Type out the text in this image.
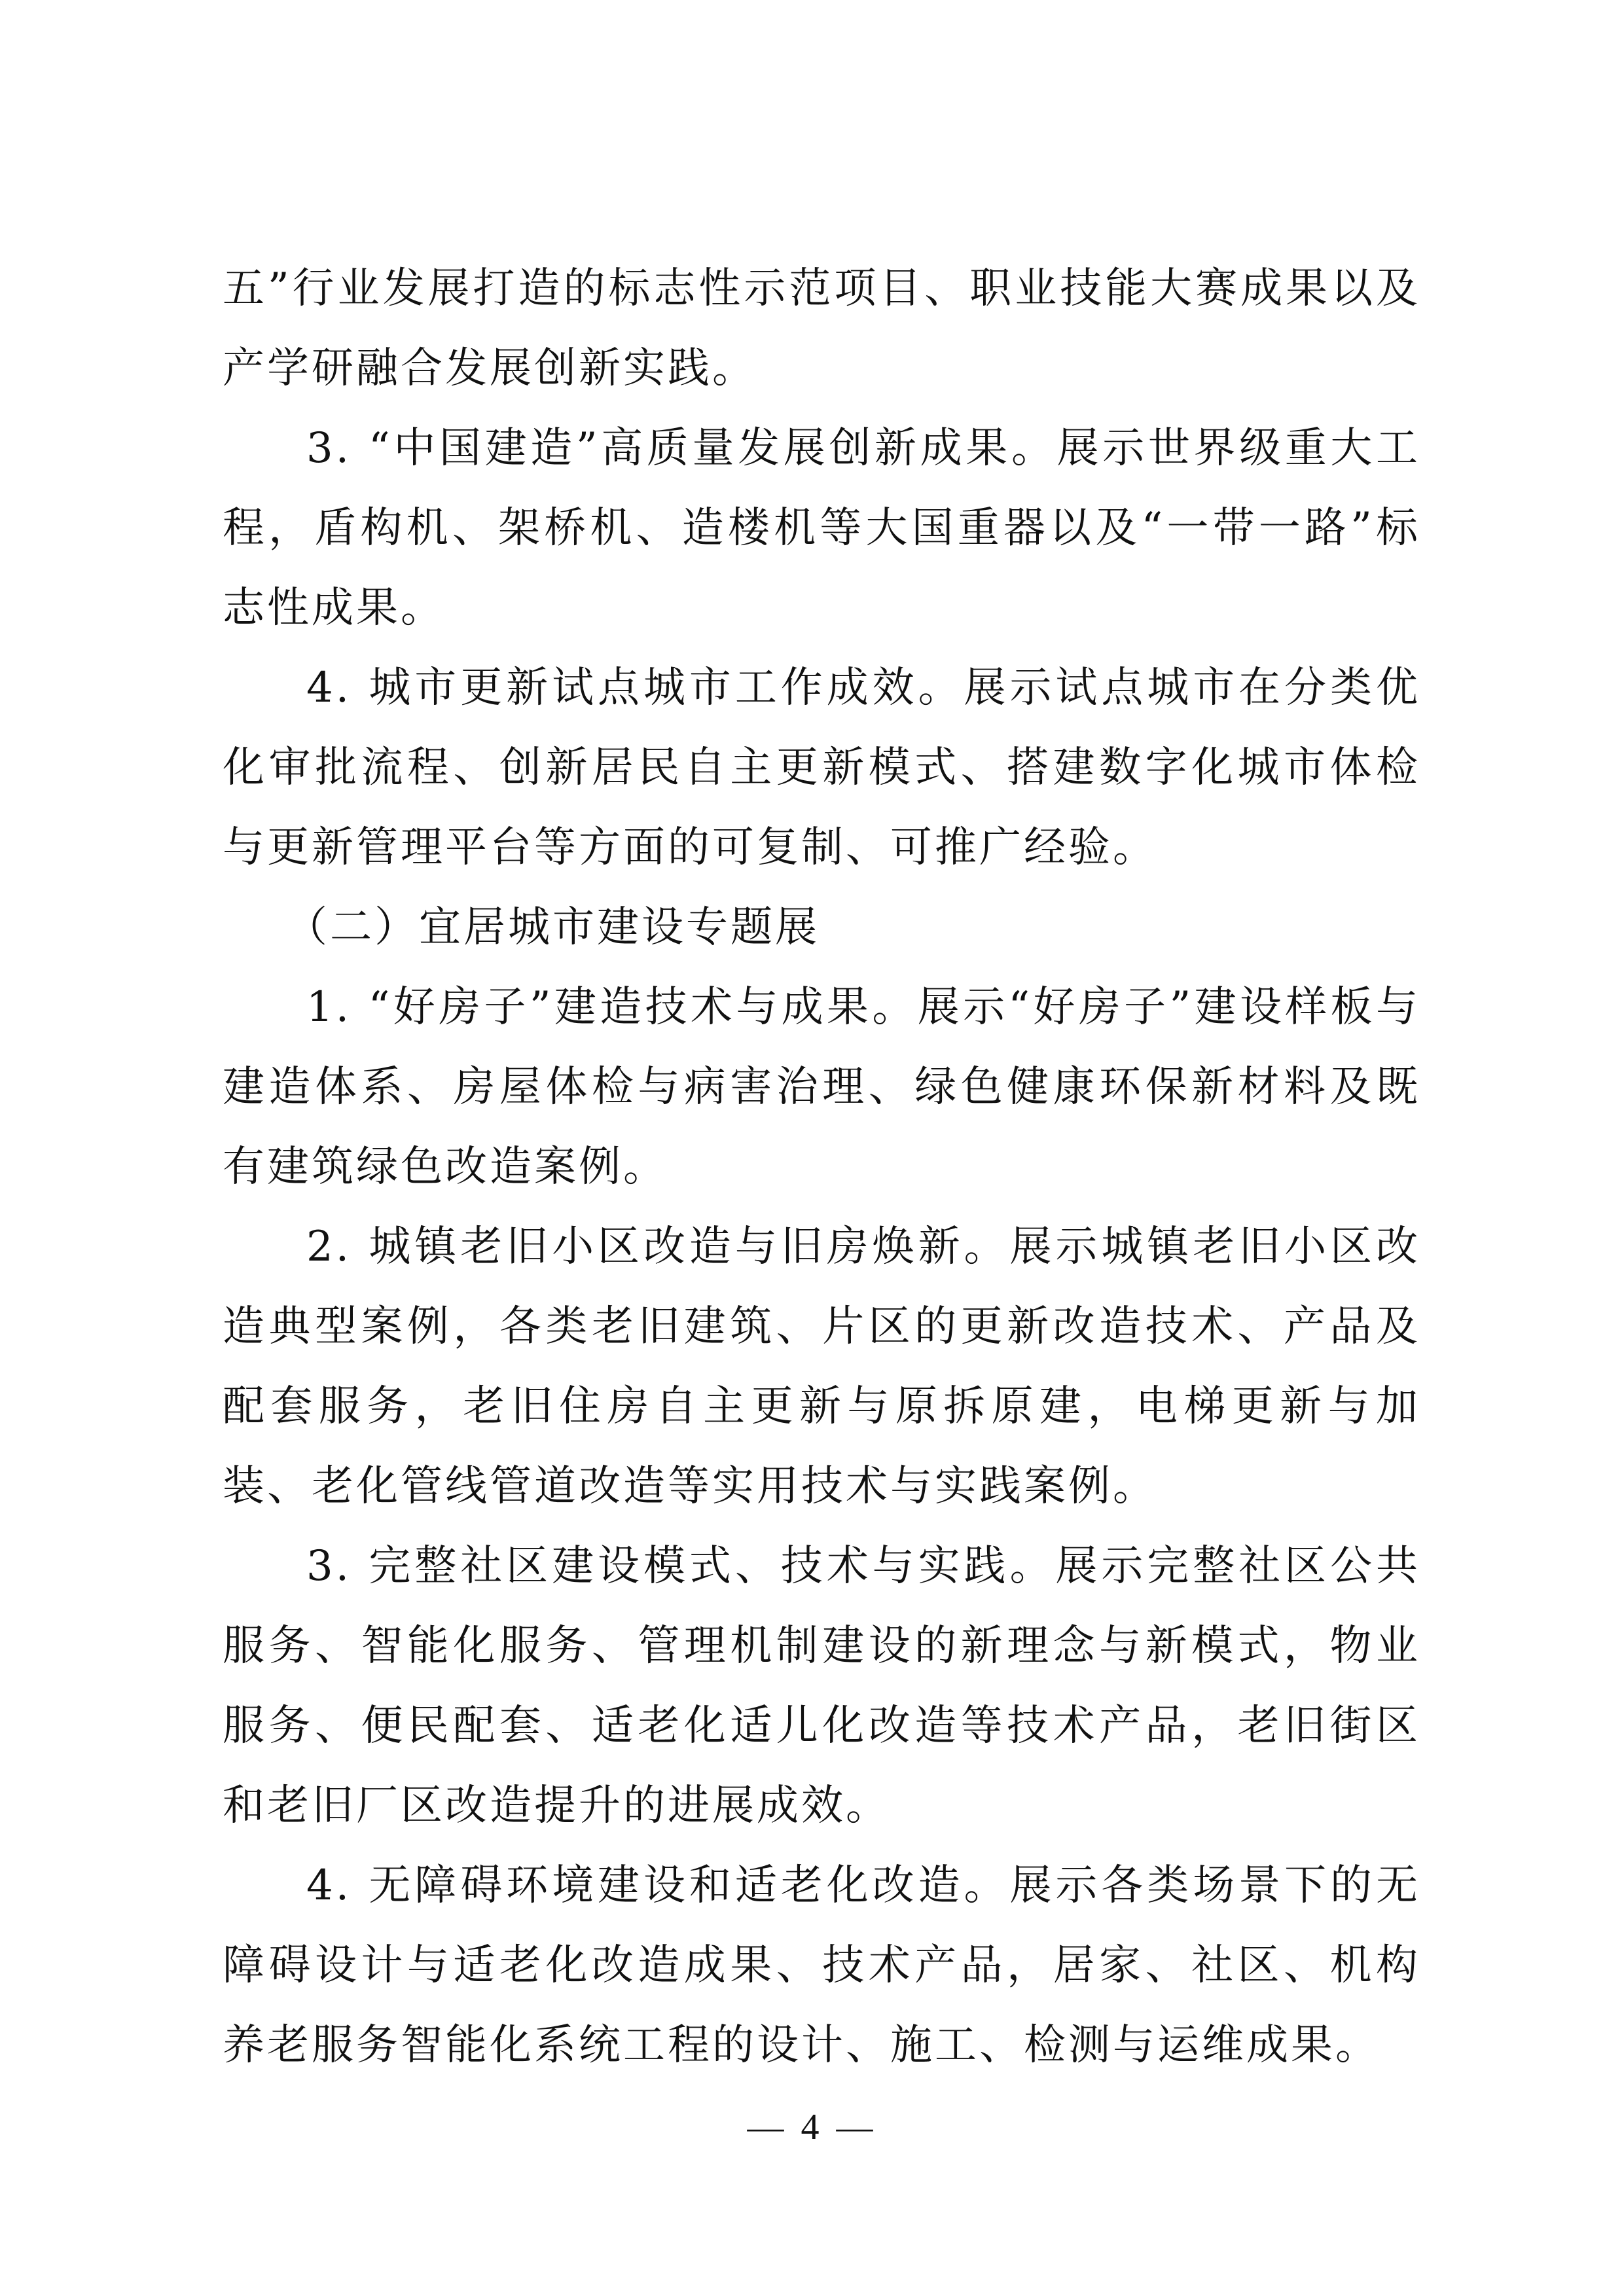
五”行业发展打造的标志性示范项目、职业技能大赛成果以及产学研融合发展创新实践。

3. “中国建造”高质量发展创新成果。展示世界级重大工程，盾构机、架桥机、造楼机等大国重器以及“一带一路”标志性成果。

4. 城市更新试点城市工作成效。展示试点城市在分类优化审批流程、创新居民自主更新模式、搭建数字化城市体检与更新管理平台等方面的可复制、可推广经验。

（二）宜居城市建设专题展

1. “好房子”建造技术与成果。展示“好房子”建设样板与建造体系、房屋体检与病害治理、绿色健康环保新材料及既有建筑绿色改造案例。

2. 城镇老旧小区改造与旧房焕新。展示城镇老旧小区改造典型案例，各类老旧建筑、片区的更新改造技术、产品及配套服务，老旧住房自主更新与原拆原建，电梯更新与加装、老化管线管道改造等实用技术与实践案例。

3. 完整社区建设模式、技术与实践。展示完整社区公共服务、智能化服务、管理机制建设的新理念与新模式，物业服务、便民配套、适老化适儿化改造等技术产品，老旧街区和老旧厂区改造提升的进展成效。

4. 无障碍环境建设和适老化改造。展示各类场景下的无障碍设计与适老化改造成果、技术产品，居家、社区、机构养老服务智能化系统工程的设计、施工、检测与运维成果。

— 4 —
